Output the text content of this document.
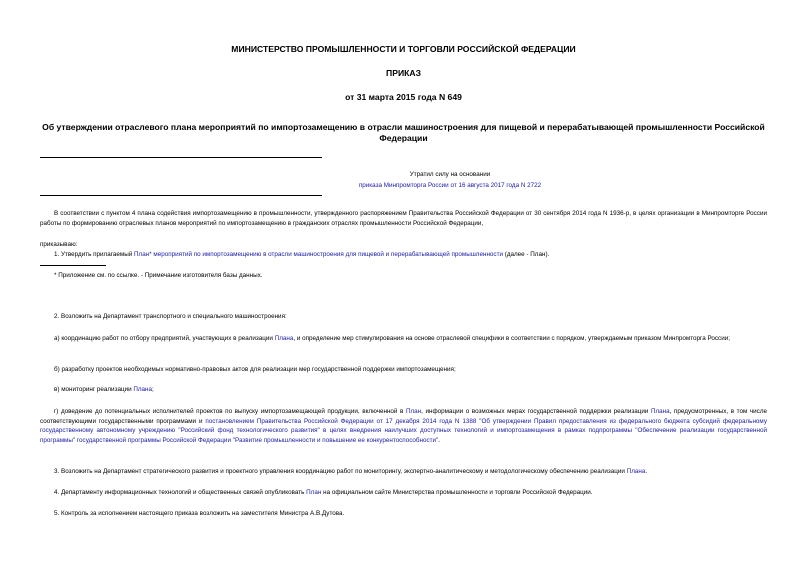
МИНИСТЕРСТВО ПРОМЫШЛЕННОСТИ И ТОРГОВЛИ РОССИЙСКОЙ ФЕДЕРАЦИИ
ПРИКАЗ
от 31 марта 2015 года N 649
Об утверждении отраслевого плана мероприятий по импортозамещению в отрасли машиностроения для пищевой и перерабатывающей промышленности Российской Федерации
Утратил силу на основании
приказа Минпромторга России от 16 августа 2017 года N 2722
В соответствии с пунктом 4 плана содействия импортозамещению в промышленности, утвержденного распоряжением Правительства Российской Федерации от 30 сентября 2014 года N 1936-р, в целях организации в Минпромторге России работы по формированию отраслевых планов мероприятий по импортозамещению в гражданских отраслях промышленности Российской Федерации,
приказываю:
1. Утвердить прилагаемый План* мероприятий по импортозамещению в отрасли машиностроения для пищевой и перерабатывающей промышленности (далее - План).
* Приложение см. по ссылке. - Примечание изготовителя базы данных.
2. Возложить на Департамент транспортного и специального машиностроения:
а) координацию работ по отбору предприятий, участвующих в реализации Плана, и определение мер стимулирования на основе отраслевой специфики в соответствии с порядком, утверждаемым приказом Минпромторга России;
б) разработку проектов необходимых нормативно-правовых актов для реализации мер государственной поддержки импортозамещения;
в) мониторинг реализации Плана;
г) доведение до потенциальных исполнителей проектов по выпуску импортозамещающей продукции, включенной в План, информации о возможных мерах государственной поддержки реализации Плана, предусмотренных, в том числе соответствующими государственными программами и постановлением Правительства Российской Федерации от 17 декабря 2014 года N 1388 "Об утверждении Правил предоставления из федерального бюджета субсидий федеральному государственному автономному учреждению "Российский фонд технологического развития" в целях внедрения наилучших доступных технологий и импортозамещения в рамках подпрограммы "Обеспечение реализации государственной программы" государственной программы Российской Федерации "Развитие промышленности и повышение ее конкурентоспособности".
3. Возложить на Департамент стратегического развития и проектного управления координацию работ по мониторингу, экспертно-аналитическому и методологическому обеспечению реализации Плана.
4. Департаменту информационных технологий и общественных связей опубликовать План на официальном сайте Министерства промышленности и торговли Российской Федерации.
5. Контроль за исполнением настоящего приказа возложить на заместителя Министра А.В.Дутова.
